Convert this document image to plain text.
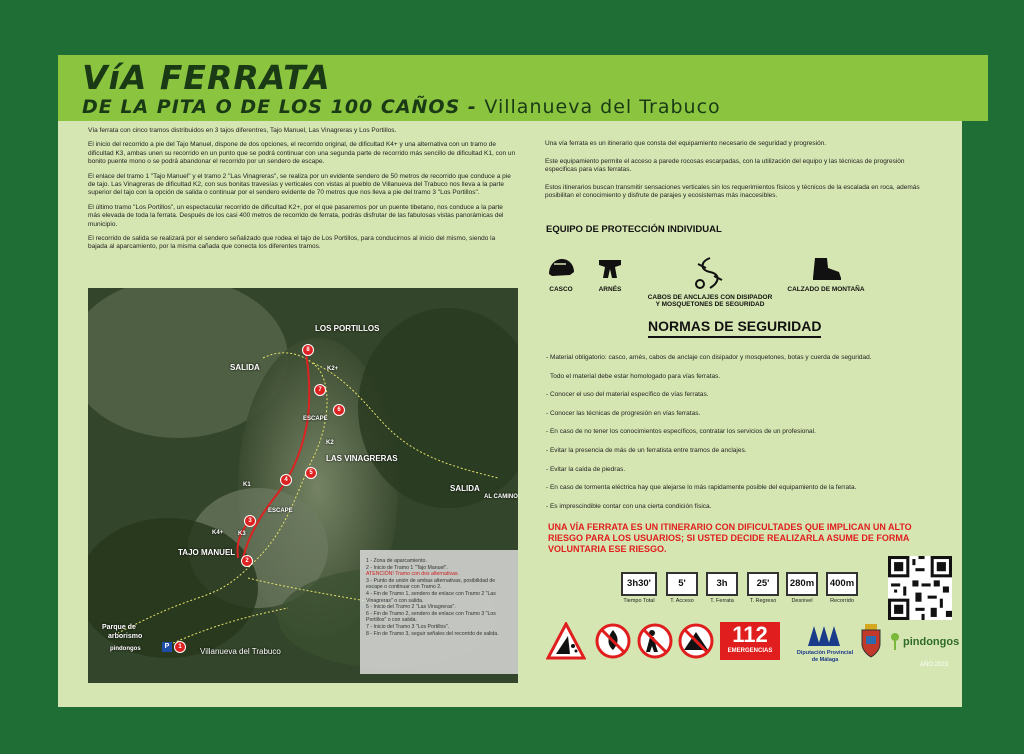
VíA FERRATA
DE LA PITA O DE LOS 100 CAÑOS - Villanueva del Trabuco

Vía ferrata con cinco tramos distribuidos en 3 tajos diferentres, Tajo Manuel, Las Vinagreras y Los Portillos.

El inicio del recorrido a pie del Tajo Manuel, dispone de dos opciones, el recorrido original, de dificultad K4+ y una alternativa con un tramo de dificultad K3, ambas unen su recorrido en un punto que se podrá continuar con una segunda parte de recorrido más sencillo de dificultad K1, con un bonito puente mono o se podrá abandonar el recorrido por un sendero de escape.

El enlace del tramo 1 "Tajo Manuel" y el tramo 2 "Las Vinagreras", se realiza por un evidente sendero de 50 metros de recorrido que conduce a pie de tajo. Las Vinagreras de dificultad K2, con sus bonitas travesías y verticales con vistas al pueblo de Villanueva del Trabuco nos lleva a la parte superior del tajo con la opción de salida o continuar por el sendero evidente de 70 metros que nos lleva a pie del tramo 3 "Los Portillos".

El último tramo "Los Portillos", un espectacular recorrido de dificultad K2+, por el que pasaremos por un puente tibetano, nos conduce a la parte más elevada de toda la ferrata. Después de los casi 400 metros de recorrido de ferrata, podrás disfrutar de las fabulosas vistas panorámicas del municipio.

El recorrido de salida se realizará por el sendero señalizado que rodea el tajo de Los Portillos, para conducirnos al inicio del mismo, siendo la bajada al aparcamiento, por la misma cañada que conecta los diferentes tramos.

LOS PORTILLOS
SALIDA	K2+
ESCAPE
K2
LAS VINAGRERAS
SALIDA
AL CAMINO
K1
ESCAPE
K4+ K3
TAJO MANUEL
Parque de
arborismo
pindongos	P
Villanueva del Trabuco
1
2
3
4
5
6
7
8
1 - Zona de aparcamiento.
2 - Inicio de Tramo 1 "Tajo Manuel".
ATENCIÓN! Tramo con dos alternativas.
3 - Punto de unión de ambas alternativas, posibilidad de escape o continuar con Tramo 2.
4 - Fin de Tramo 1, sendero de enlace con Tramo 2 "Las Vinagreras" o con salida.
5 - Inicio del Tramo 2 "Las Vinagreras".
6 - Fin de Tramo 2, sendero de enlace con Tramo 3 "Los Portillos" o con salida.
7 - Inicio del Tramo 3 "Los Portillos".
8 - Fin de Tramo 3, seguir señales del recorrido de salida.

Una vía ferrata es un itinerario que consta del equipamiento necesario de seguridad y progresión.

Este equipamiento permite el acceso a parede rocosas escarpadas, con la utilización del equipo y las técnicas de progresión especificas para vías ferratas.

Estos itinerarios buscan transmitir sensaciones verticales sin los requerimientos físicos y técnicos de la escalada en roca, además posibilitan el conocimiento y disfrute de parajes y ecosistemas más inaccesibles.

EQUIPO DE PROTECCIÓN INDIVIDUAL
CASCO	ARNÉS
CABOS DE ANCLAJES CON DISIPADOR
Y MOSQUETONES DE SEGURIDAD
CALZADO DE MONTAÑA
NORMAS DE SEGURIDAD
- Material obligatorio: casco, arnés, cabos de anclaje con disipador y mosquetones, botas y cuerda de seguridad.
Todo el material debe estar homologado para vías ferratas.
- Conocer el uso del material específico de vías ferratas.
- Conocer las técnicas de progresión en vías ferratas.
- En caso de no tener los conocimientos específicos, contratar los servicios de un profesional.
- Evitar la presencia de más de un ferratista entre tramos de anclajes.
- Evitar la caída de piedras.
- En caso de tormenta eléctrica hay que alejarse lo más rapidamente posible del equipamiento de la ferrata.
- Es imprescindible contar con una cierta condición física.
UNA VÍA FERRATA ES UN ITINERARIO CON DIFICULTADES QUE IMPLICAN UN ALTO RIESGO PARA LOS USUARIOS; SI USTED DECIDE REALIZARLA ASUME DE FORMA VOLUNTARIA ESE RIESGO.
3h30'
Tiempo Total
5'
T. Acceso
3h
T. Ferrata
25'
T. Regreso
280m
Desnivel
400m
Recorrido
112
EMERGENCIAS	Diputación Provincial
de Málaga
pindongos
AÑO 2023
